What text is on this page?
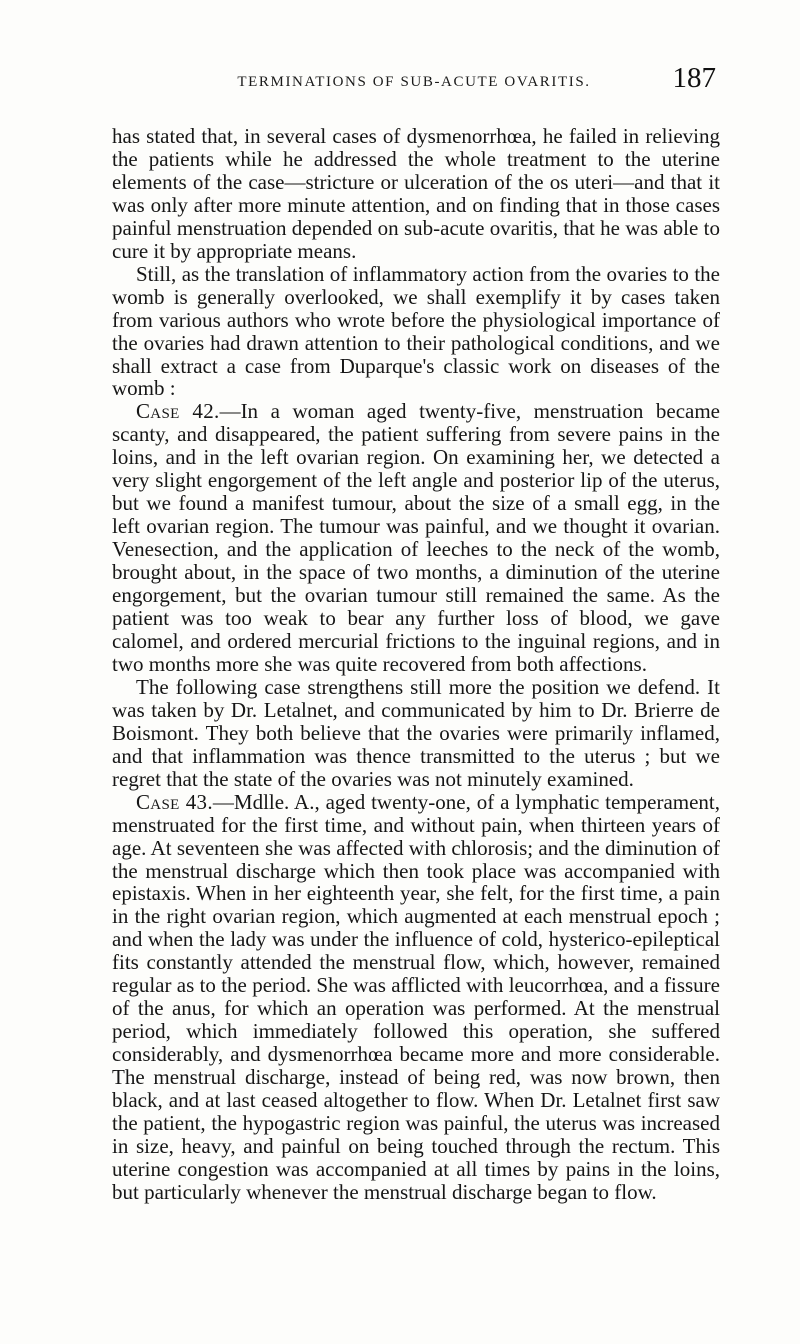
TERMINATIONS OF SUB-ACUTE OVARITIS.	187

has stated that, in several cases of dysmenorrhœa, he failed in relieving the patients while he addressed the whole treatment to the uterine elements of the case—stricture or ulceration of the os uteri—and that it was only after more minute attention, and on finding that in those cases painful menstruation depended on sub-acute ovaritis, that he was able to cure it by appropriate means.

Still, as the translation of inflammatory action from the ovaries to the womb is generally overlooked, we shall exemplify it by cases taken from various authors who wrote before the physiological importance of the ovaries had drawn attention to their pathological conditions, and we shall extract a case from Duparque's classic work on diseases of the womb :

Case 42.—In a woman aged twenty-five, menstruation became scanty, and disappeared, the patient suffering from severe pains in the loins, and in the left ovarian region. On examining her, we detected a very slight engorgement of the left angle and posterior lip of the uterus, but we found a manifest tumour, about the size of a small egg, in the left ovarian region. The tumour was painful, and we thought it ovarian. Venesection, and the application of leeches to the neck of the womb, brought about, in the space of two months, a diminution of the uterine engorgement, but the ovarian tumour still remained the same. As the patient was too weak to bear any further loss of blood, we gave calomel, and ordered mercurial frictions to the inguinal regions, and in two months more she was quite recovered from both affections.

The following case strengthens still more the position we defend. It was taken by Dr. Letalnet, and communicated by him to Dr. Brierre de Boismont. They both believe that the ovaries were primarily inflamed, and that inflammation was thence transmitted to the uterus ; but we regret that the state of the ovaries was not minutely examined.

Case 43.—Mdlle. A., aged twenty-one, of a lymphatic temperament, menstruated for the first time, and without pain, when thirteen years of age. At seventeen she was affected with chlorosis; and the diminution of the menstrual discharge which then took place was accompanied with epistaxis. When in her eighteenth year, she felt, for the first time, a pain in the right ovarian region, which augmented at each menstrual epoch ; and when the lady was under the influence of cold, hysterico-epileptical fits constantly attended the menstrual flow, which, however, remained regular as to the period. She was afflicted with leucorrhœa, and a fissure of the anus, for which an operation was performed. At the menstrual period, which immediately followed this operation, she suffered considerably, and dysmenorrhœa became more and more considerable. The menstrual discharge, instead of being red, was now brown, then black, and at last ceased altogether to flow. When Dr. Letalnet first saw the patient, the hypogastric region was painful, the uterus was increased in size, heavy, and painful on being touched through the rectum. This uterine congestion was accompanied at all times by pains in the loins, but particularly whenever the menstrual discharge began to flow.
